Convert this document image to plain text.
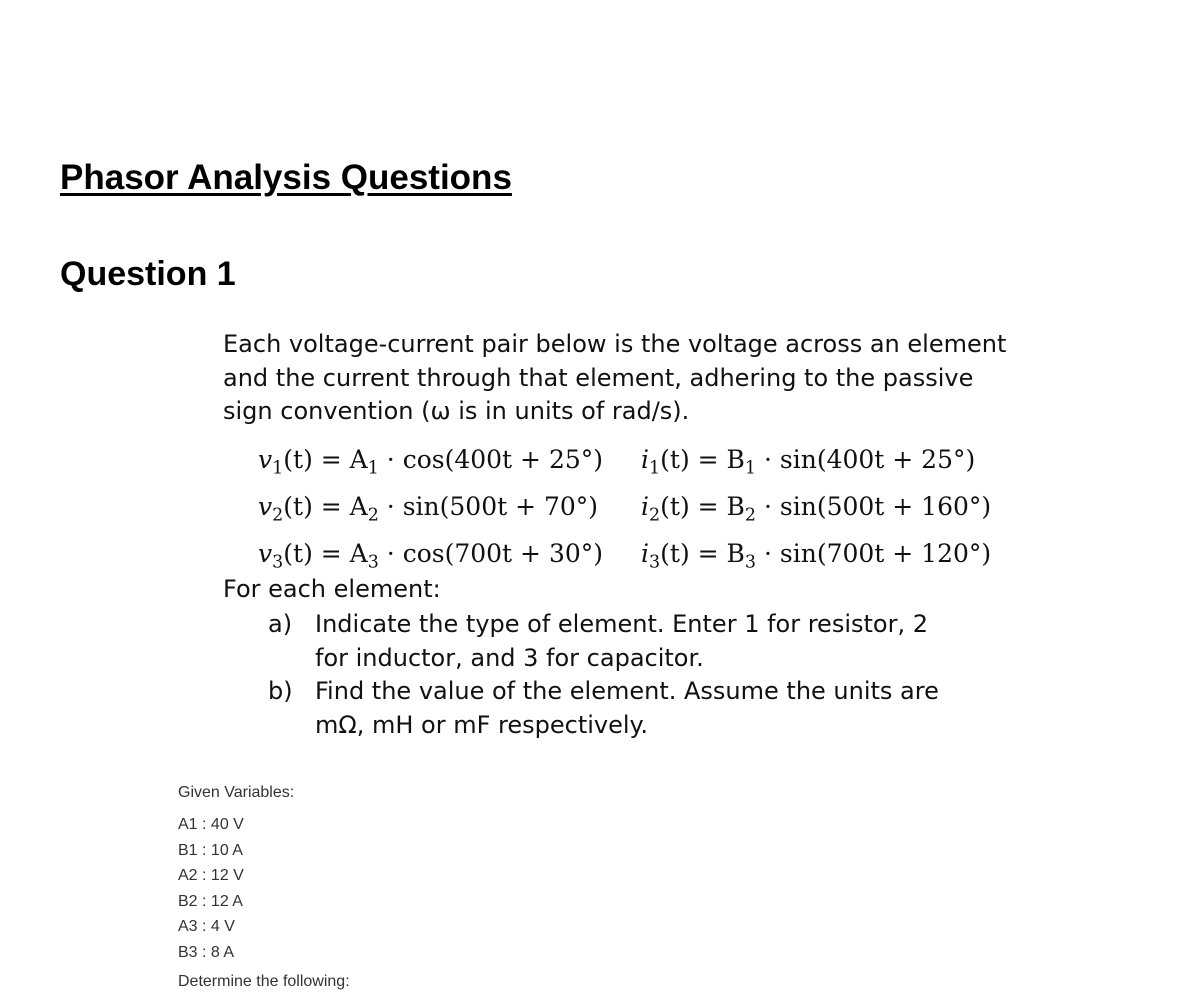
Phasor Analysis Questions
Question 1

Each voltage-current pair below is the voltage across an element and the current through that element, adhering to the passive sign convention (ω is in units of rad/s).

$v_1(t) = A_1 \cdot \cos(400t + 25^\circ)$	$i_1(t) = B_1 \cdot \sin(400t + 25^\circ)$
$v_2(t) = A_2 \cdot \sin(500t + 70^\circ)$	$i_2(t) = B_2 \cdot \sin(500t + 160^\circ)$
$v_3(t) = A_3 \cdot \cos(700t + 30^\circ)$	$i_3(t) = B_3 \cdot \sin(700t + 120^\circ)$

For each element:

a) Indicate the type of element. Enter 1 for resistor, 2 for inductor, and 3 for capacitor.
b) Find the value of the element. Assume the units are mΩ, mH or mF respectively.

Given Variables:

A1 : 40 V
B1 : 10 A
A2 : 12 V
B2 : 12 A
A3 : 4 V
B3 : 8 A

Determine the following:
